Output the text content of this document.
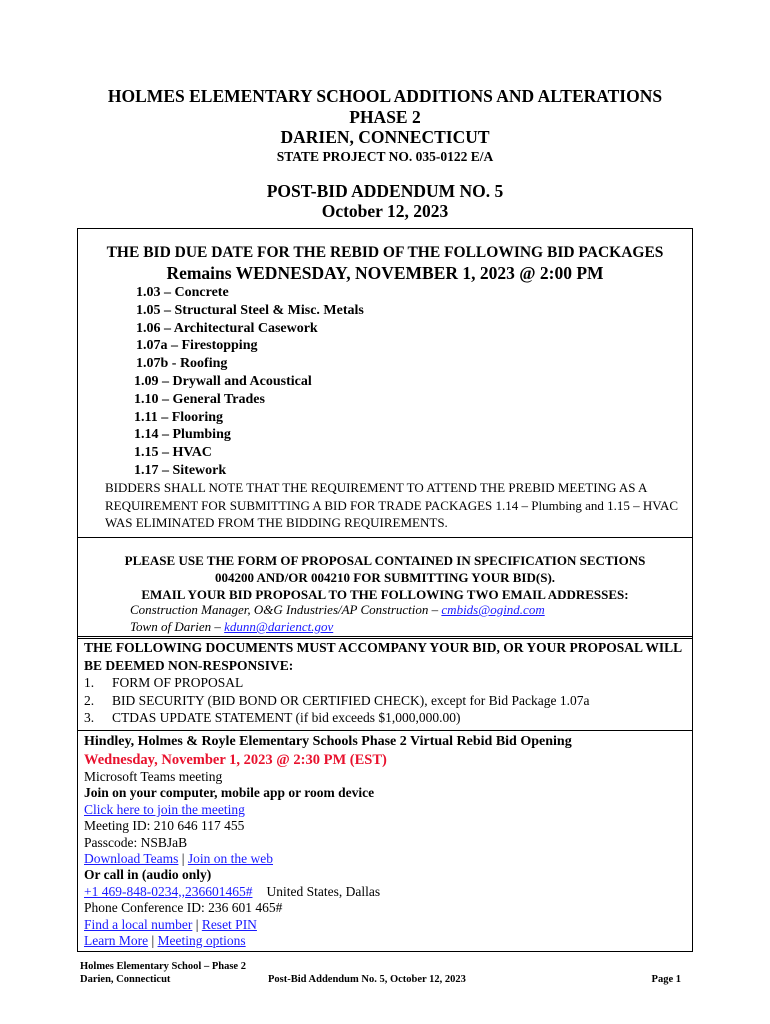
HOLMES ELEMENTARY SCHOOL ADDITIONS AND ALTERATIONS
PHASE 2
DARIEN, CONNECTICUT
STATE PROJECT NO. 035-0122 E/A
POST-BID ADDENDUM NO. 5
October 12, 2023
THE BID DUE DATE FOR THE REBID OF THE FOLLOWING BID PACKAGES
Remains WEDNESDAY, NOVEMBER 1, 2023 @ 2:00 PM
1.03 – Concrete
1.05 – Structural Steel & Misc. Metals
1.06 – Architectural Casework
1.07a – Firestopping
1.07b - Roofing
1.09 – Drywall and Acoustical
1.10 – General Trades
1.11 – Flooring
1.14 – Plumbing
1.15 – HVAC
1.17 – Sitework
BIDDERS SHALL NOTE THAT THE REQUIREMENT TO ATTEND THE PREBID MEETING AS A REQUIREMENT FOR SUBMITTING A BID FOR TRADE PACKAGES 1.14 – Plumbing and 1.15 – HVAC WAS ELIMINATED FROM THE BIDDING REQUIREMENTS.
PLEASE USE THE FORM OF PROPOSAL CONTAINED IN SPECIFICATION SECTIONS
004200 AND/OR 004210 FOR SUBMITTING YOUR BID(S).
EMAIL YOUR BID PROPOSAL TO THE FOLLOWING TWO EMAIL ADDRESSES:
Construction Manager, O&G Industries/AP Construction – cmbids@ogind.com
Town of Darien – kdunn@darienct.gov
THE FOLLOWING DOCUMENTS MUST ACCOMPANY YOUR BID, OR YOUR PROPOSAL WILL BE DEEMED NON-RESPONSIVE:
1.	FORM OF PROPOSAL
2.	BID SECURITY (BID BOND OR CERTIFIED CHECK), except for Bid Package 1.07a
3.	CTDAS UPDATE STATEMENT (if bid exceeds $1,000,000.00)
Hindley, Holmes & Royle Elementary Schools Phase 2 Virtual Rebid Bid Opening
Wednesday, November 1, 2023 @ 2:30 PM (EST)
Microsoft Teams meeting
Join on your computer, mobile app or room device
Click here to join the meeting
Meeting ID: 210 646 117 455
Passcode: NSBJaB
Download Teams | Join on the web
Or call in (audio only)
+1 469-848-0234,,236601465# United States, Dallas
Phone Conference ID: 236 601 465#
Find a local number | Reset PIN
Learn More | Meeting options
Holmes Elementary School – Phase 2
Darien, Connecticut	Post-Bid Addendum No. 5, October 12, 2023	Page 1
